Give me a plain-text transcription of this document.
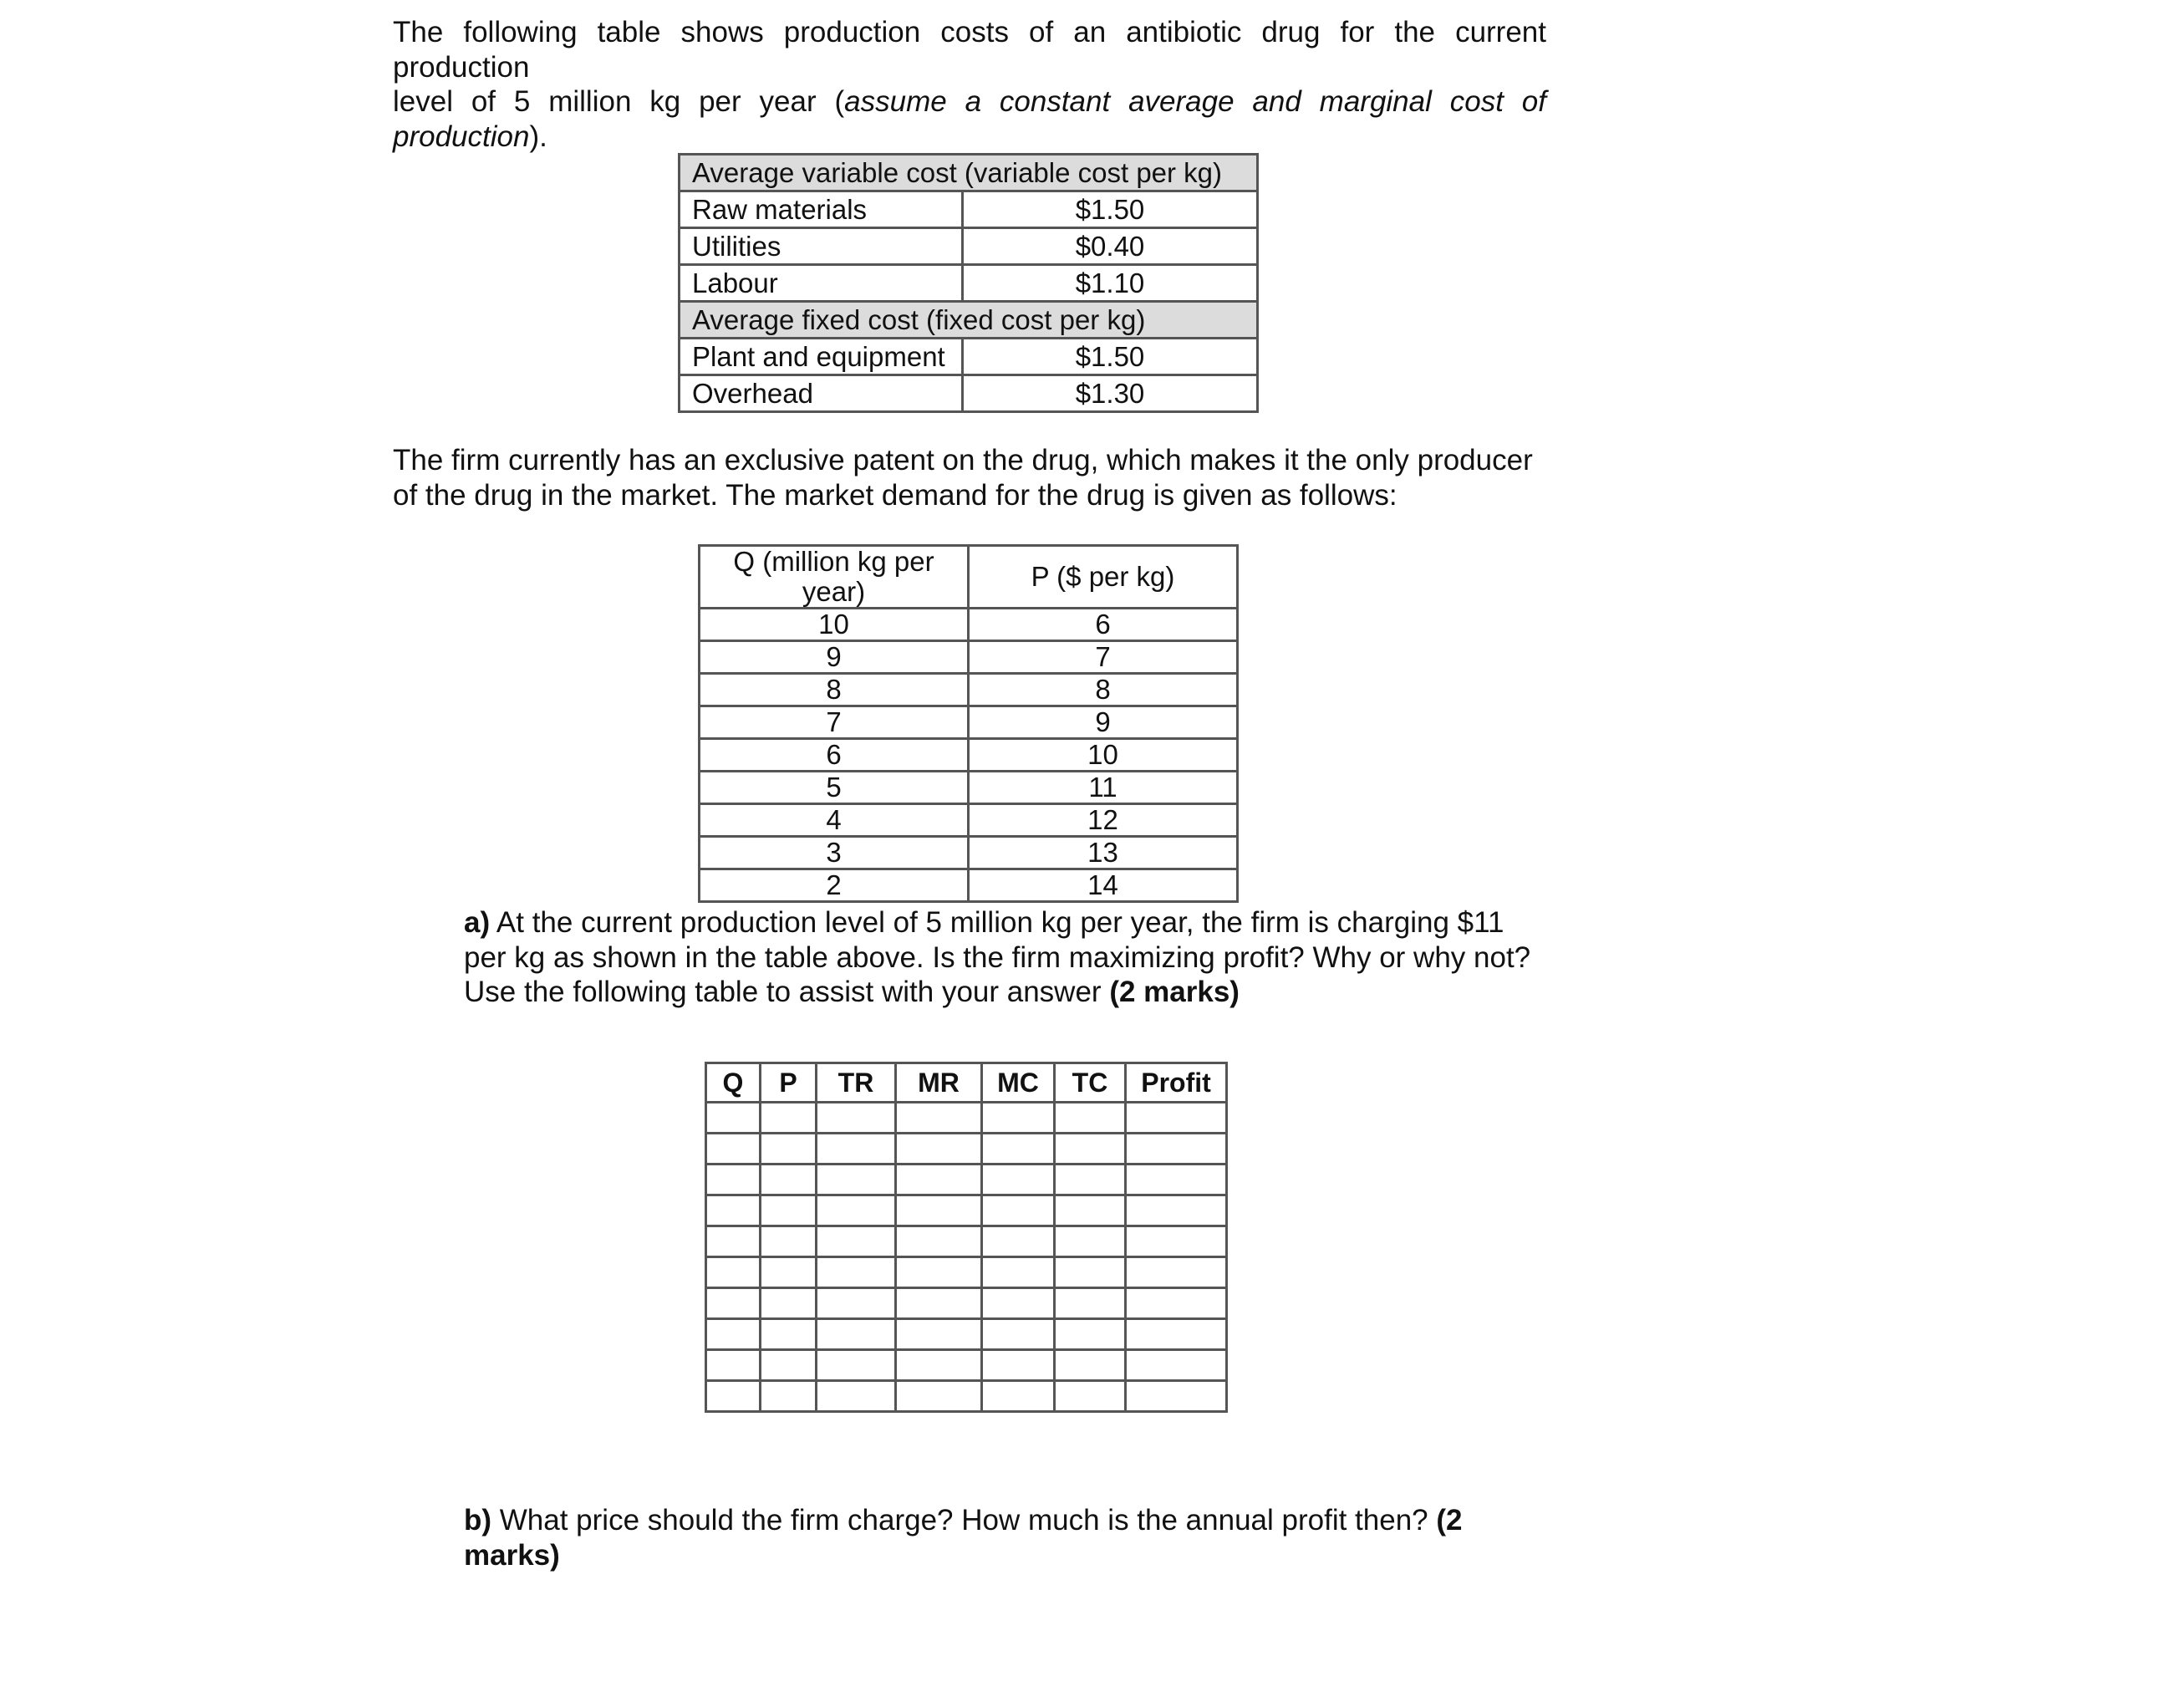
The following table shows production costs of an antibiotic drug for the current production
level of 5 million kg per year (assume a constant average and marginal cost of
production).

Average variable cost (variable cost per kg)	
Raw materials	$1.50
Utilities	$0.40
Labour	$1.10
Average fixed cost (fixed cost per kg)	
Plant and equipment	$1.50
Overhead	$1.30

The firm currently has an exclusive patent on the drug, which makes it the only producer of the drug in the market. The market demand for the drug is given as follows:

Q (million kg per year)	P ($ per kg)
10	6
9	7
8	8
7	9
6	10
5	11
4	12
3	13
2	14

a) At the current production level of 5 million kg per year, the firm is charging $11 per kg as shown in the table above. Is the firm maximizing profit? Why or why not? Use the following table to assist with your answer (2 marks)

Q	P	TR	MR	MC	TC	Profit

b) What price should the firm charge? How much is the annual profit then? (2 marks)
